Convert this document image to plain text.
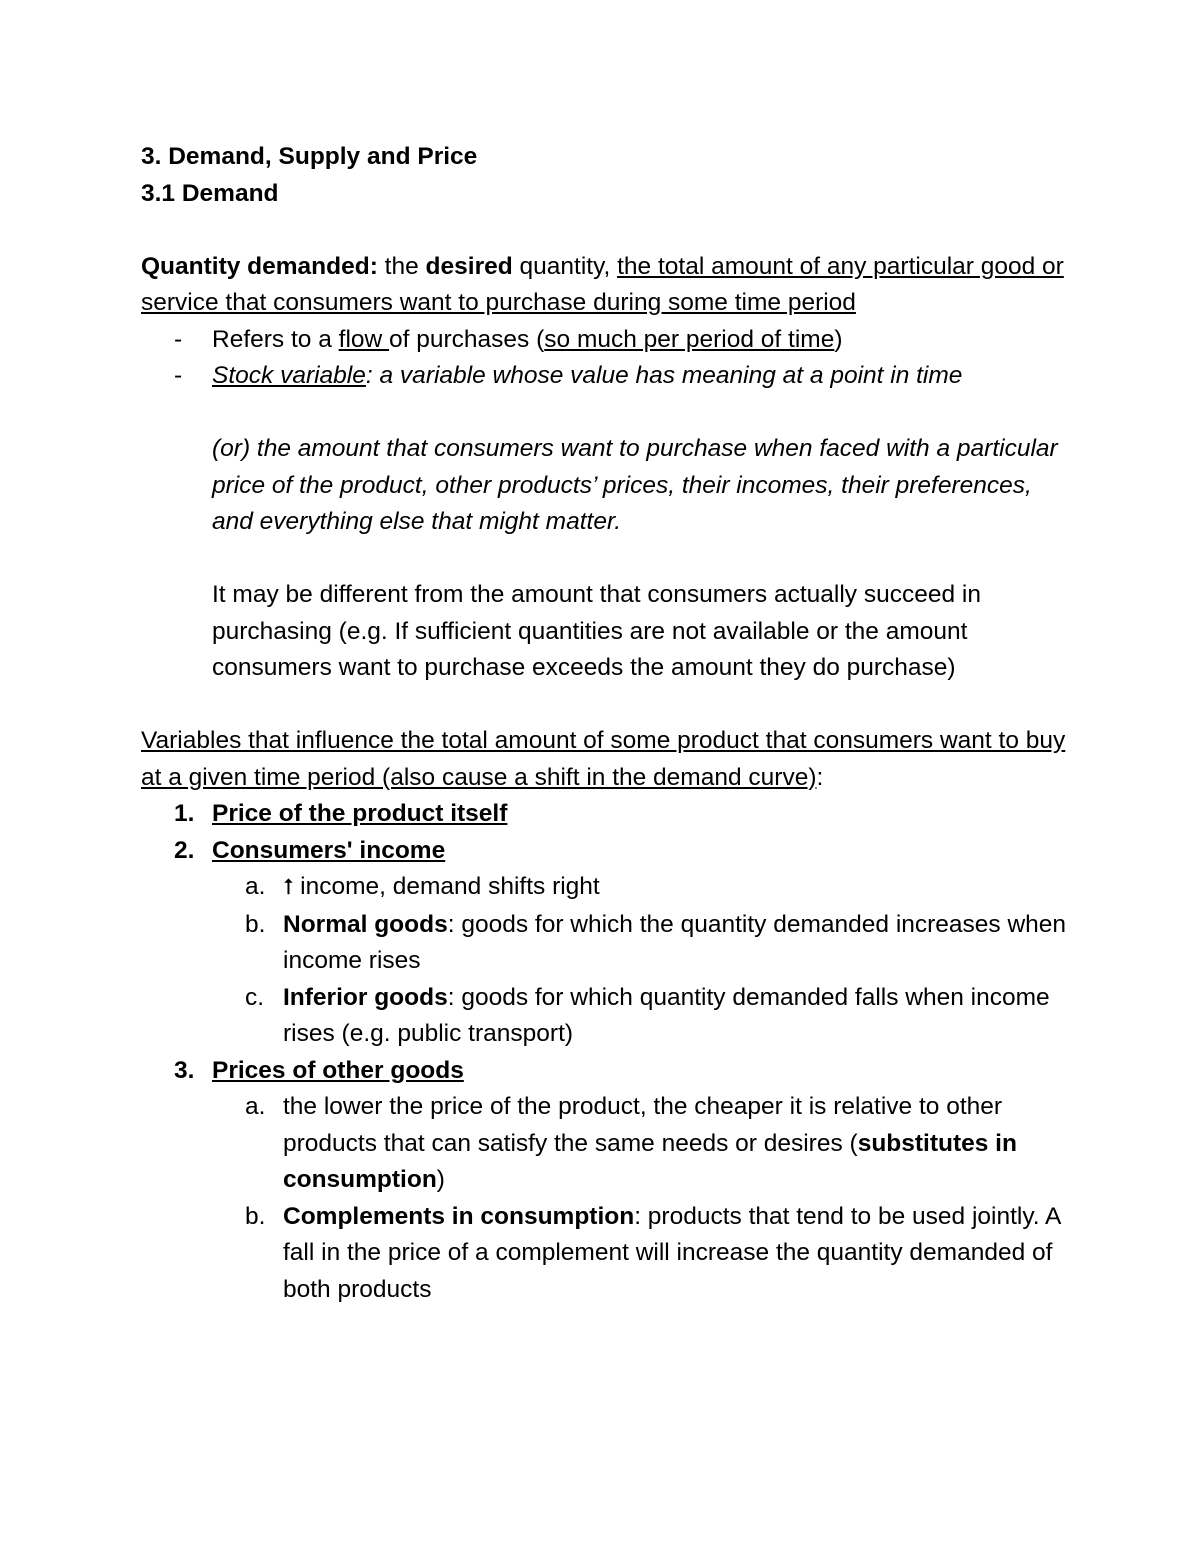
3. Demand, Supply and Price

3.1 Demand

Quantity demanded: the desired quantity, the total amount of any particular good or service that consumers want to purchase during some time period

- Refers to a flow of purchases (so much per period of time)

- Stock variable: a variable whose value has meaning at a point in time

(or) the amount that consumers want to purchase when faced with a particular price of the product, other products’ prices, their incomes, their preferences, and everything else that might matter.

It may be different from the amount that consumers actually succeed in purchasing (e.g. If sufficient quantities are not available or the amount consumers want to purchase exceeds the amount they do purchase)

Variables that influence the total amount of some product that consumers want to buy at a given time period (also cause a shift in the demand curve):

1. Price of the product itself

2. Consumers' income

a. ⭡ income, demand shifts right

b. Normal goods: goods for which the quantity demanded increases when income rises

c. Inferior goods: goods for which quantity demanded falls when income rises (e.g. public transport)

3. Prices of other goods

a. the lower the price of the product, the cheaper it is relative to other products that can satisfy the same needs or desires (substitutes in consumption)

b. Complements in consumption: products that tend to be used jointly. A fall in the price of a complement will increase the quantity demanded of both products
